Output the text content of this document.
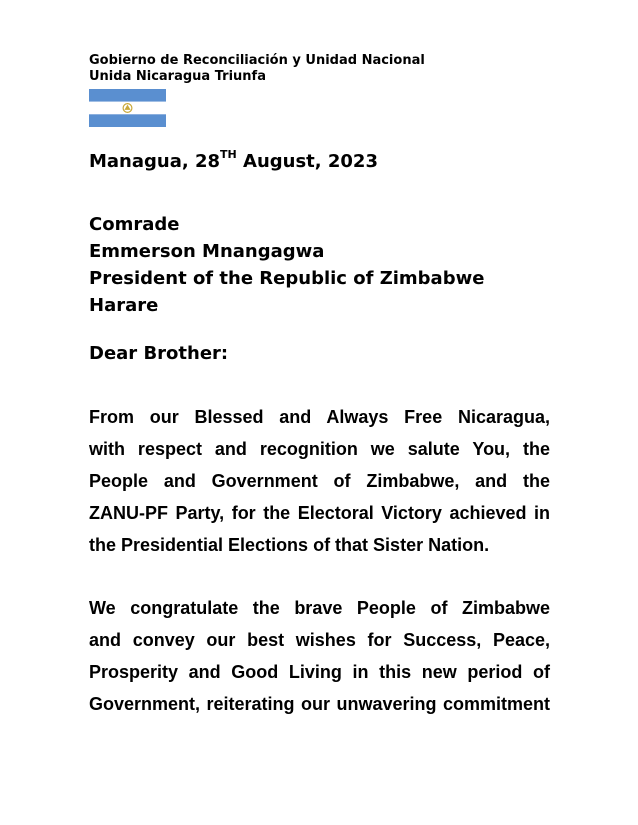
Gobierno de Reconciliación y Unidad Nacional
Unida Nicaragua Triunfa
Managua, 28TH August, 2023
Comrade
Emmerson Mnangagwa
President of the Republic of Zimbabwe
Harare
Dear Brother:
From our Blessed and Always Free Nicaragua,
with respect and recognition we salute You, the
People and Government of Zimbabwe, and the
ZANU-PF Party, for the Electoral Victory achieved in
the Presidential Elections of that Sister Nation.
We congratulate the brave People of Zimbabwe
and convey our best wishes for Success, Peace,
Prosperity and Good Living in this new period of
Government, reiterating our unwavering commitment
